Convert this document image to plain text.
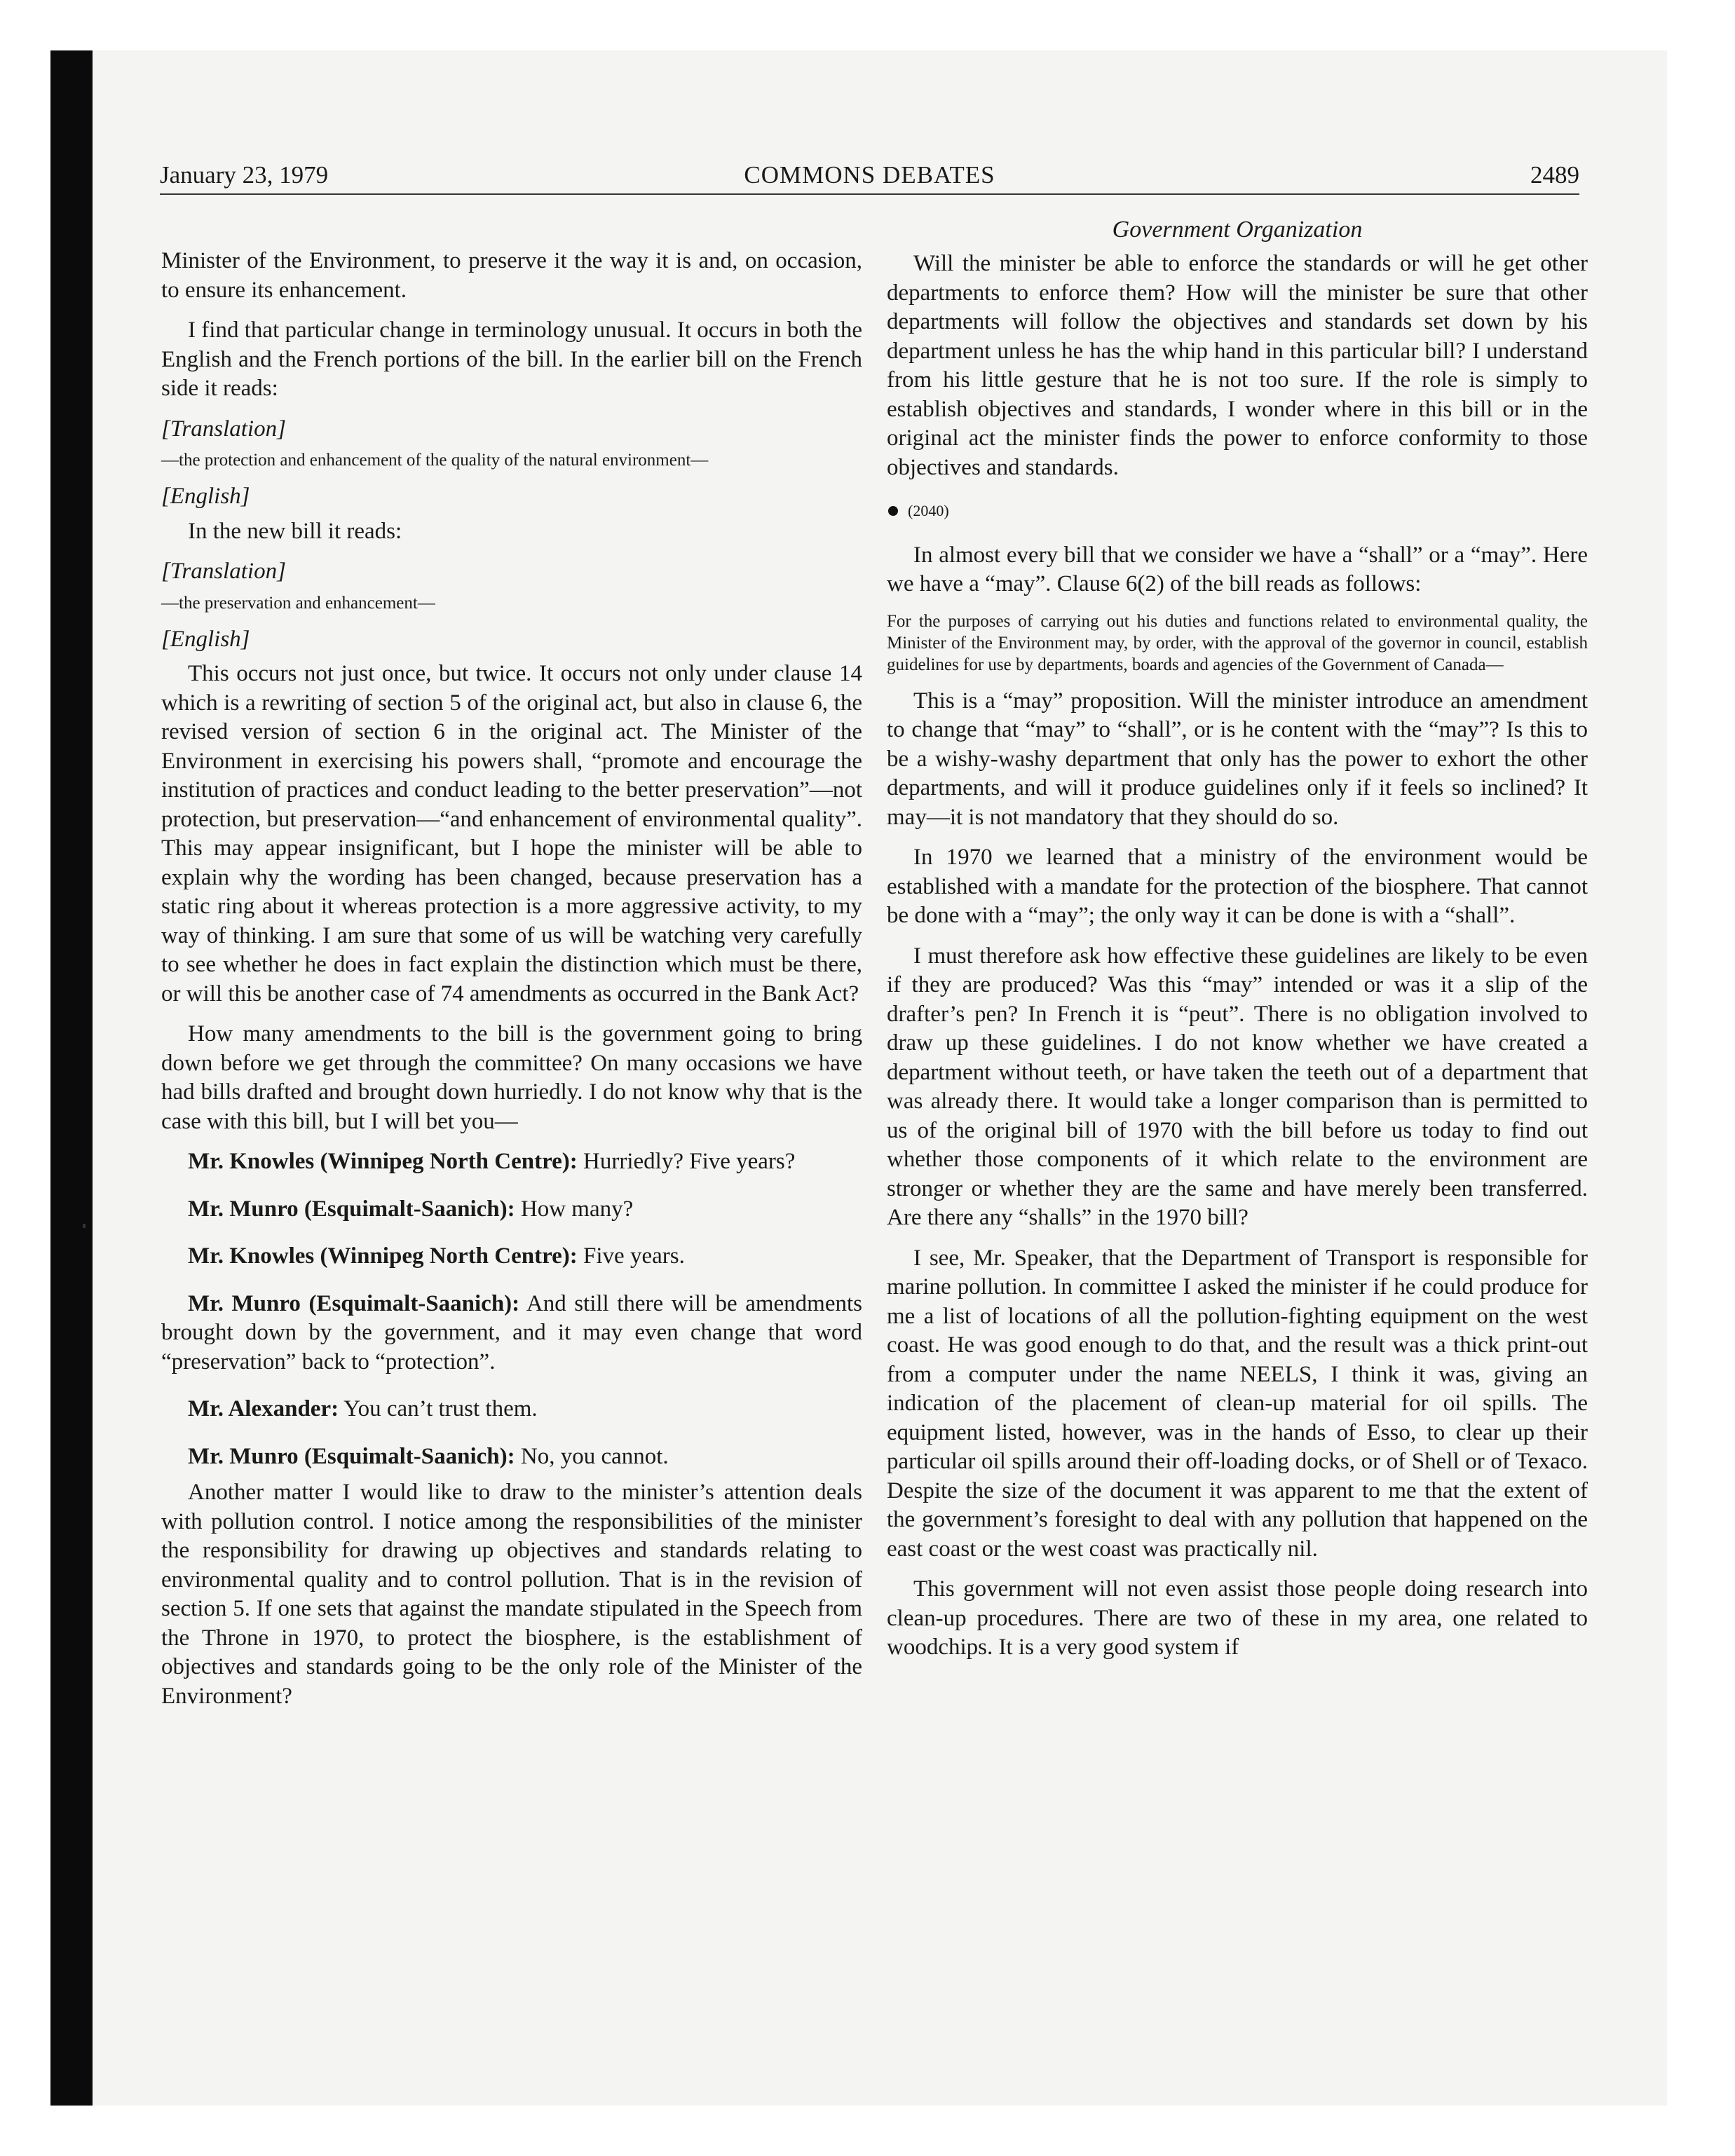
January 23, 1979	COMMONS DEBATES	2489

Minister of the Environment, to preserve it the way it is and, on occasion, to ensure its enhancement.

I find that particular change in terminology unusual. It occurs in both the English and the French portions of the bill. In the earlier bill on the French side it reads:

[Translation]

—the protection and enhancement of the quality of the natural environment—

[English]

In the new bill it reads:

[Translation]

—the preservation and enhancement—

[English]

This occurs not just once, but twice. It occurs not only under clause 14 which is a rewriting of section 5 of the original act, but also in clause 6, the revised version of section 6 in the original act. The Minister of the Environment in exercising his powers shall, “promote and encourage the institution of practices and conduct leading to the better preservation”—not protection, but preservation—“and enhancement of environmental quality”. This may appear insignificant, but I hope the minister will be able to explain why the wording has been changed, because preservation has a static ring about it whereas protection is a more aggressive activity, to my way of thinking. I am sure that some of us will be watching very carefully to see whether he does in fact explain the distinction which must be there, or will this be another case of 74 amendments as occurred in the Bank Act?

How many amendments to the bill is the government going to bring down before we get through the committee? On many occasions we have had bills drafted and brought down hurriedly. I do not know why that is the case with this bill, but I will bet you—

Mr. Knowles (Winnipeg North Centre): Hurriedly? Five years?

Mr. Munro (Esquimalt-Saanich): How many?

Mr. Knowles (Winnipeg North Centre): Five years.

Mr. Munro (Esquimalt-Saanich): And still there will be amendments brought down by the government, and it may even change that word “preservation” back to “protection”.

Mr. Alexander: You can’t trust them.

Mr. Munro (Esquimalt-Saanich): No, you cannot.

Another matter I would like to draw to the minister’s attention deals with pollution control. I notice among the responsibilities of the minister the responsibility for drawing up objectives and standards relating to environmental quality and to control pollution. That is in the revision of section 5. If one sets that against the mandate stipulated in the Speech from the Throne in 1970, to protect the biosphere, is the establishment of objectives and standards going to be the only role of the Minister of the Environment?

Government Organization

Will the minister be able to enforce the standards or will he get other departments to enforce them? How will the minister be sure that other departments will follow the objectives and standards set down by his department unless he has the whip hand in this particular bill? I understand from his little gesture that he is not too sure. If the role is simply to establish objectives and standards, I wonder where in this bill or in the original act the minister finds the power to enforce conformity to those objectives and standards.

(2040)

In almost every bill that we consider we have a “shall” or a “may”. Here we have a “may”. Clause 6(2) of the bill reads as follows:

For the purposes of carrying out his duties and functions related to environmental quality, the Minister of the Environment may, by order, with the approval of the governor in council, establish guidelines for use by departments, boards and agencies of the Government of Canada—

This is a “may” proposition. Will the minister introduce an amendment to change that “may” to “shall”, or is he content with the “may”? Is this to be a wishy-washy department that only has the power to exhort the other departments, and will it produce guidelines only if it feels so inclined? It may—it is not mandatory that they should do so.

In 1970 we learned that a ministry of the environment would be established with a mandate for the protection of the biosphere. That cannot be done with a “may”; the only way it can be done is with a “shall”.

I must therefore ask how effective these guidelines are likely to be even if they are produced? Was this “may” intended or was it a slip of the drafter’s pen? In French it is “peut”. There is no obligation involved to draw up these guidelines. I do not know whether we have created a department without teeth, or have taken the teeth out of a department that was already there. It would take a longer comparison than is permitted to us of the original bill of 1970 with the bill before us today to find out whether those components of it which relate to the environment are stronger or whether they are the same and have merely been transferred. Are there any “shalls” in the 1970 bill?

I see, Mr. Speaker, that the Department of Transport is responsible for marine pollution. In committee I asked the minister if he could produce for me a list of locations of all the pollution-fighting equipment on the west coast. He was good enough to do that, and the result was a thick print-out from a computer under the name NEELS, I think it was, giving an indication of the placement of clean-up material for oil spills. The equipment listed, however, was in the hands of Esso, to clear up their particular oil spills around their off-loading docks, or of Shell or of Texaco. Despite the size of the document it was apparent to me that the extent of the government’s foresight to deal with any pollution that happened on the east coast or the west coast was practically nil.

This government will not even assist those people doing research into clean-up procedures. There are two of these in my area, one related to woodchips. It is a very good system if
